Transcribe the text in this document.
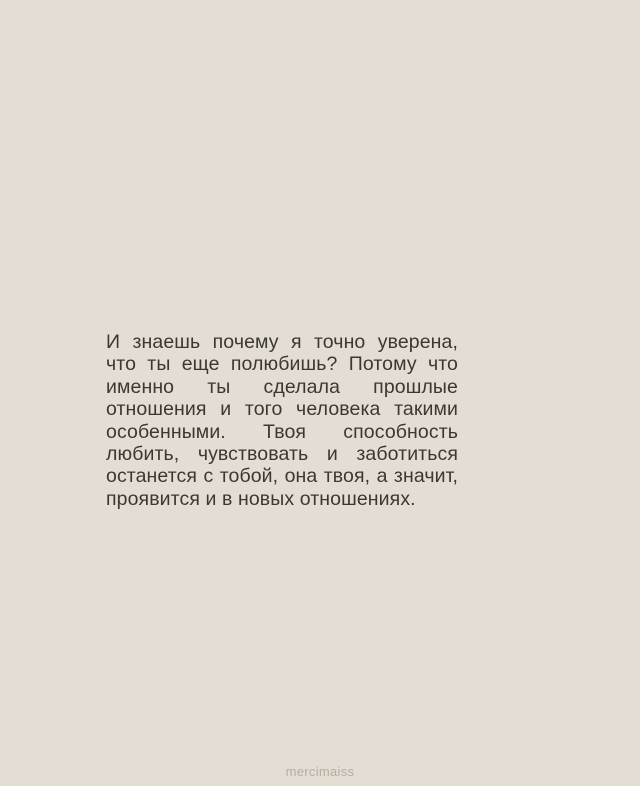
И знаешь почему я точно уверена,
что ты еще полюбишь? Потому что
именно ты сделала прошлые
отношения и того человека такими
особенными. Твоя способность
любить, чувствовать и заботиться
останется с тобой, она твоя, а значит,
проявится и в новых отношениях.
mercimaiss
